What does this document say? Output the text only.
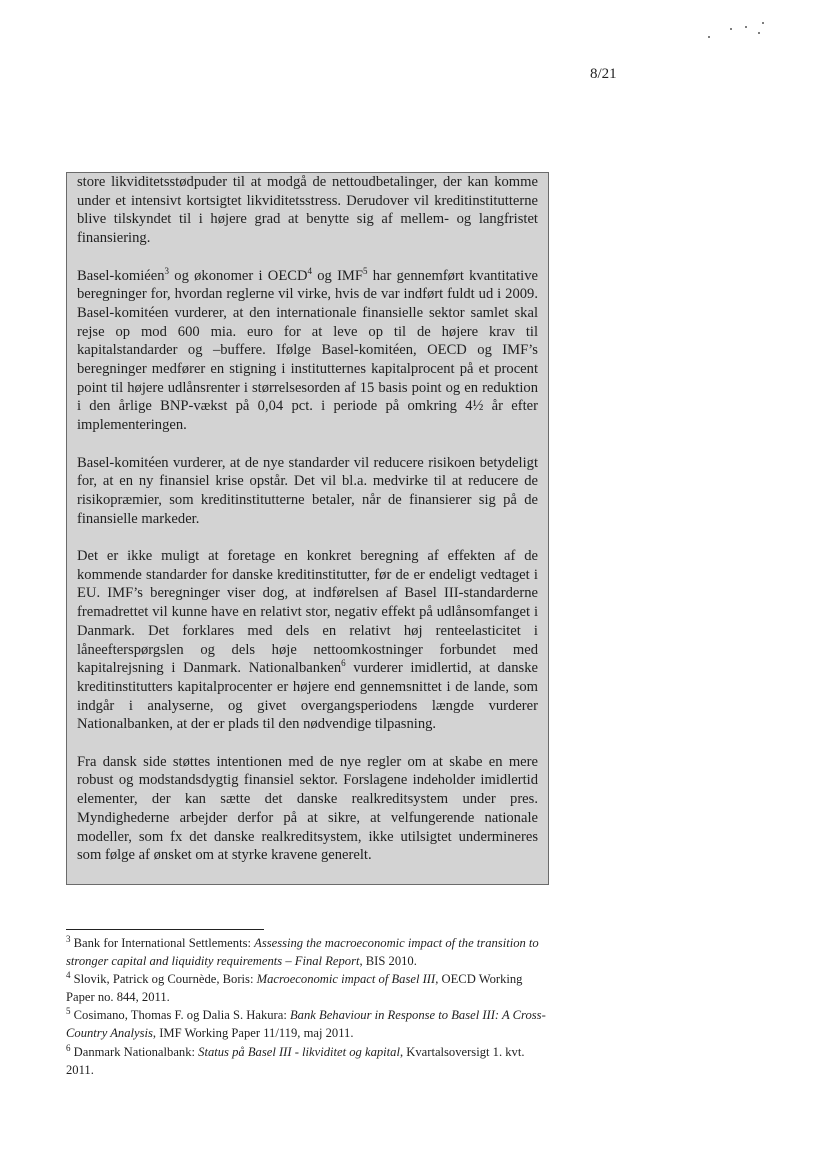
8/21

store likviditetsstødpuder til at modgå de nettoudbetalinger, der kan komme under et intensivt kortsigtet likviditetsstress. Derudover vil kreditinstitutterne blive tilskyndet til i højere grad at benytte sig af mellem- og langfristet finansiering.

Basel-komiéen$^3$ og økonomer i OECD$^4$ og IMF$^5$ har gennemført kvantitative beregninger for, hvordan reglerne vil virke, hvis de var indført fuldt ud i 2009. Basel-komitéen vurderer, at den internationale finansielle sektor samlet skal rejse op mod 600 mia. euro for at leve op til de højere krav til kapitalstandarder og –buffere. Ifølge Basel-komitéen, OECD og IMF’s beregninger medfører en stigning i institutternes kapitalprocent på et procent point til højere udlånsrenter i størrelsesorden af 15 basis point og en reduktion i den årlige BNP-vækst på 0,04 pct. i periode på omkring 4½ år efter implementeringen.

Basel-komitéen vurderer, at de nye standarder vil reducere risikoen betydeligt for, at en ny finansiel krise opstår. Det vil bl.a. medvirke til at reducere de risikopræmier, som kreditinstitutterne betaler, når de finansierer sig på de finansielle markeder.

Det er ikke muligt at foretage en konkret beregning af effekten af de kommende standarder for danske kreditinstitutter, før de er endeligt vedtaget i EU. IMF’s beregninger viser dog, at indførelsen af Basel III-standarderne fremadrettet vil kunne have en relativt stor, negativ effekt på udlånsomfanget i Danmark. Det forklares med dels en relativt høj renteelasticitet i låneefterspørgslen og dels høje nettoomkostninger forbundet med kapitalrejsning i Danmark. Nationalbanken$^6$ vurderer imidlertid, at danske kreditinstitutters kapitalprocenter er højere end gennemsnittet i de lande, som indgår i analyserne, og givet overgangsperiodens længde vurderer Nationalbanken, at der er plads til den nødvendige tilpasning.

Fra dansk side støttes intentionen med de nye regler om at skabe en mere robust og modstandsdygtig finansiel sektor. Forslagene indeholder imidlertid elementer, der kan sætte det danske realkreditsystem under pres. Myndighederne arbejder derfor på at sikre, at velfungerende nationale modeller, som fx det danske realkreditsystem, ikke utilsigtet undermineres som følge af ønsket om at styrke kravene generelt.

$^3$ Bank for International Settlements: Assessing the macroeconomic impact of the transition to stronger capital and liquidity requirements – Final Report, BIS 2010.

$^4$ Slovik, Patrick og Cournède, Boris: Macroeconomic impact of Basel III, OECD Working Paper no. 844, 2011.

$^5$ Cosimano, Thomas F. og Dalia S. Hakura: Bank Behaviour in Response to Basel III: A Cross-Country Analysis, IMF Working Paper 11/119, maj 2011.

$^6$ Danmark Nationalbank: Status på Basel III - likviditet og kapital, Kvartalsoversigt 1. kvt. 2011.
